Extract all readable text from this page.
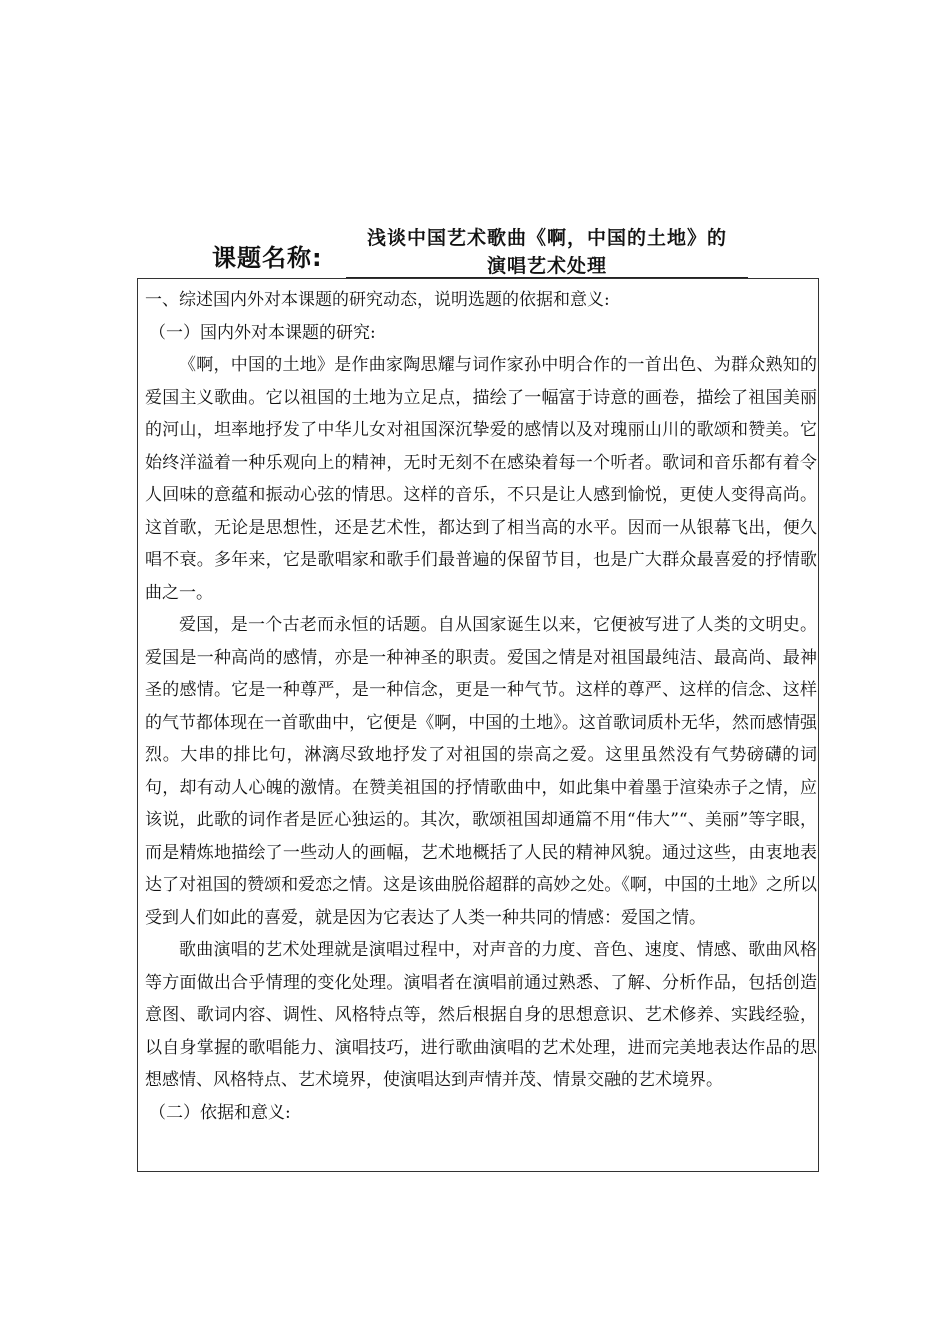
课题名称:
浅谈中国艺术歌曲《啊，中国的土地》的
演唱艺术处理

一、综述国内外对本课题的研究动态，说明选题的依据和意义:

（一）国内外对本课题的研究:

《啊，中国的土地》是作曲家陶思耀与词作家孙中明合作的一首出色、为群众熟知的爱国主义歌曲。它以祖国的土地为立足点，描绘了一幅富于诗意的画卷，描绘了祖国美丽的河山，坦率地抒发了中华儿女对祖国深沉挚爱的感情以及对瑰丽山川的歌颂和赞美。它始终洋溢着一种乐观向上的精神，无时无刻不在感染着每一个听者。歌词和音乐都有着令人回味的意蕴和振动心弦的情思。这样的音乐，不只是让人感到愉悦，更使人变得高尚。这首歌，无论是思想性，还是艺术性，都达到了相当高的水平。因而一从银幕飞出，便久唱不衰。多年来，它是歌唱家和歌手们最普遍的保留节目，也是广大群众最喜爱的抒情歌曲之一。

爱国，是一个古老而永恒的话题。自从国家诞生以来，它便被写进了人类的文明史。爱国是一种高尚的感情，亦是一种神圣的职责。爱国之情是对祖国最纯洁、最高尚、最神圣的感情。它是一种尊严，是一种信念，更是一种气节。这样的尊严、这样的信念、这样的气节都体现在一首歌曲中，它便是《啊，中国的土地》。这首歌词质朴无华，然而感情强烈。大串的排比句，淋漓尽致地抒发了对祖国的崇高之爱。这里虽然没有气势磅礴的词句，却有动人心魄的激情。在赞美祖国的抒情歌曲中，如此集中着墨于渲染赤子之情，应该说，此歌的词作者是匠心独运的。其次，歌颂祖国却通篇不用“伟大”“、美丽”等字眼，而是精炼地描绘了一些动人的画幅，艺术地概括了人民的精神风貌。通过这些，由衷地表达了对祖国的赞颂和爱恋之情。这是该曲脱俗超群的高妙之处。《啊，中国的土地》之所以受到人们如此的喜爱，就是因为它表达了人类一种共同的情感：爱国之情。

歌曲演唱的艺术处理就是演唱过程中，对声音的力度、音色、速度、情感、歌曲风格等方面做出合乎情理的变化处理。演唱者在演唱前通过熟悉、了解、分析作品，包括创造意图、歌词内容、调性、风格特点等，然后根据自身的思想意识、艺术修养、实践经验，以自身掌握的歌唱能力、演唱技巧，进行歌曲演唱的艺术处理，进而完美地表达作品的思想感情、风格特点、艺术境界，使演唱达到声情并茂、情景交融的艺术境界。

（二）依据和意义:
